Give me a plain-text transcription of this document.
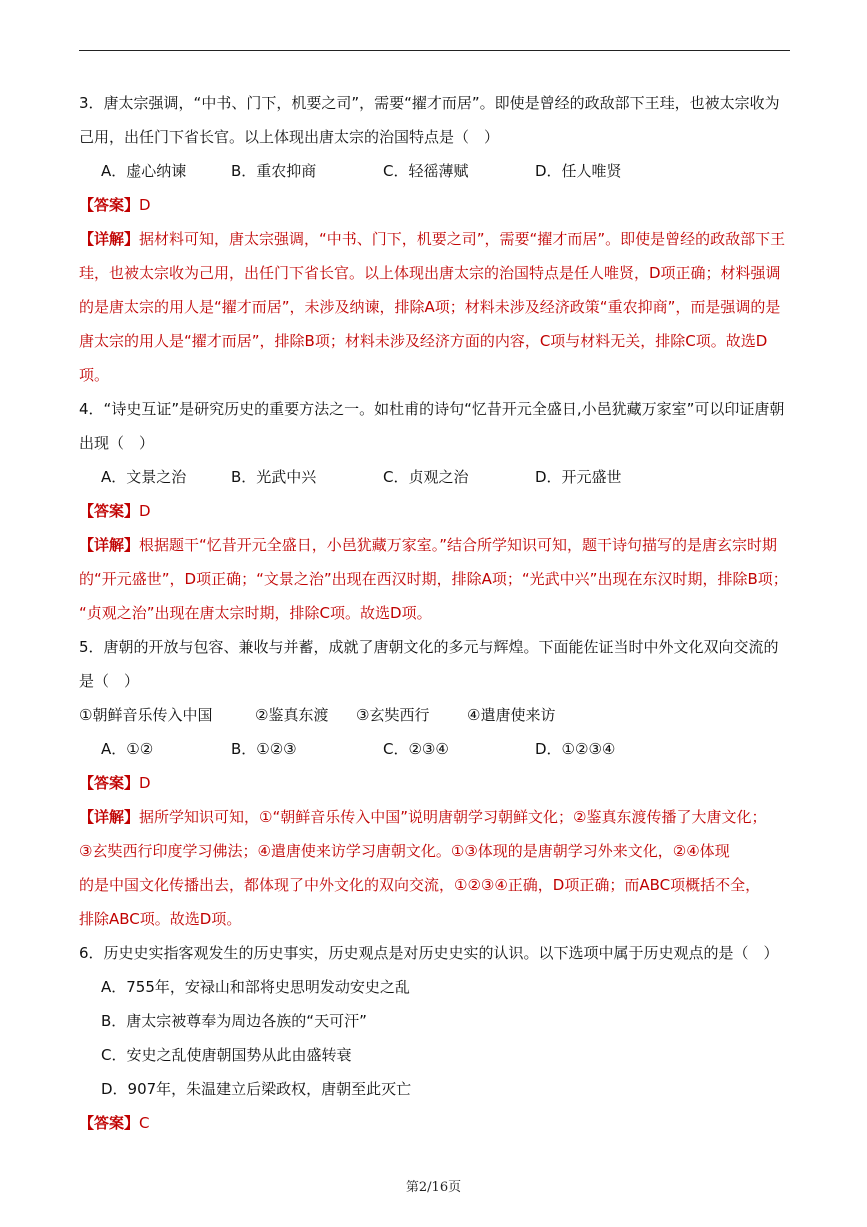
3．唐太宗强调，“中书、门下，机要之司”，需要“擢才而居”。即使是曾经的政敌部下王珪，也被太宗收为
己用，出任门下省长官。以上体现出唐太宗的治国特点是（　）
A．虚心纳谏	B．重农抑商	C．轻徭薄赋	D．任人唯贤
【答案】D
【详解】据材料可知，唐太宗强调，“中书、门下，机要之司”，需要“擢才而居”。即使是曾经的政敌部下王
珪，也被太宗收为己用，出任门下省长官。以上体现出唐太宗的治国特点是任人唯贤，D项正确；材料强调
的是唐太宗的用人是“擢才而居”，未涉及纳谏，排除A项；材料未涉及经济政策“重农抑商”，而是强调的是
唐太宗的用人是“擢才而居”，排除B项；材料未涉及经济方面的内容，C项与材料无关，排除C项。故选D
项。
4．“诗史互证”是研究历史的重要方法之一。如杜甫的诗句“忆昔开元全盛日,小邑犹藏万家室”可以印证唐朝
出现（　）
A．文景之治	B．光武中兴	C．贞观之治	D．开元盛世
【答案】D
【详解】根据题干“忆昔开元全盛日，小邑犹藏万家室。”结合所学知识可知，题干诗句描写的是唐玄宗时期
的“开元盛世”，D项正确；“文景之治”出现在西汉时期，排除A项；“光武中兴”出现在东汉时期，排除B项；
“贞观之治”出现在唐太宗时期，排除C项。故选D项。
5．唐朝的开放与包容、兼收与并蓄，成就了唐朝文化的多元与辉煌。下面能佐证当时中外文化双向交流的
是（　）
①朝鲜音乐传入中国	②鉴真东渡	③玄奘西行	④遣唐使来访
A．①②	B．①②③	C．②③④	D．①②③④
【答案】D
【详解】据所学知识可知，①“朝鲜音乐传入中国”说明唐朝学习朝鲜文化；②鉴真东渡传播了大唐文化；
③玄奘西行印度学习佛法；④遣唐使来访学习唐朝文化。①③体现的是唐朝学习外来文化，②④体现
的是中国文化传播出去，都体现了中外文化的双向交流，①②③④正确，D项正确；而ABC项概括不全，
排除ABC项。故选D项。
6．历史史实指客观发生的历史事实，历史观点是对历史史实的认识。以下选项中属于历史观点的是（　）
A．755年，安禄山和部将史思明发动安史之乱
B．唐太宗被尊奉为周边各族的“天可汗”
C．安史之乱使唐朝国势从此由盛转衰
D．907年，朱温建立后梁政权，唐朝至此灭亡
【答案】C
第2/16页
